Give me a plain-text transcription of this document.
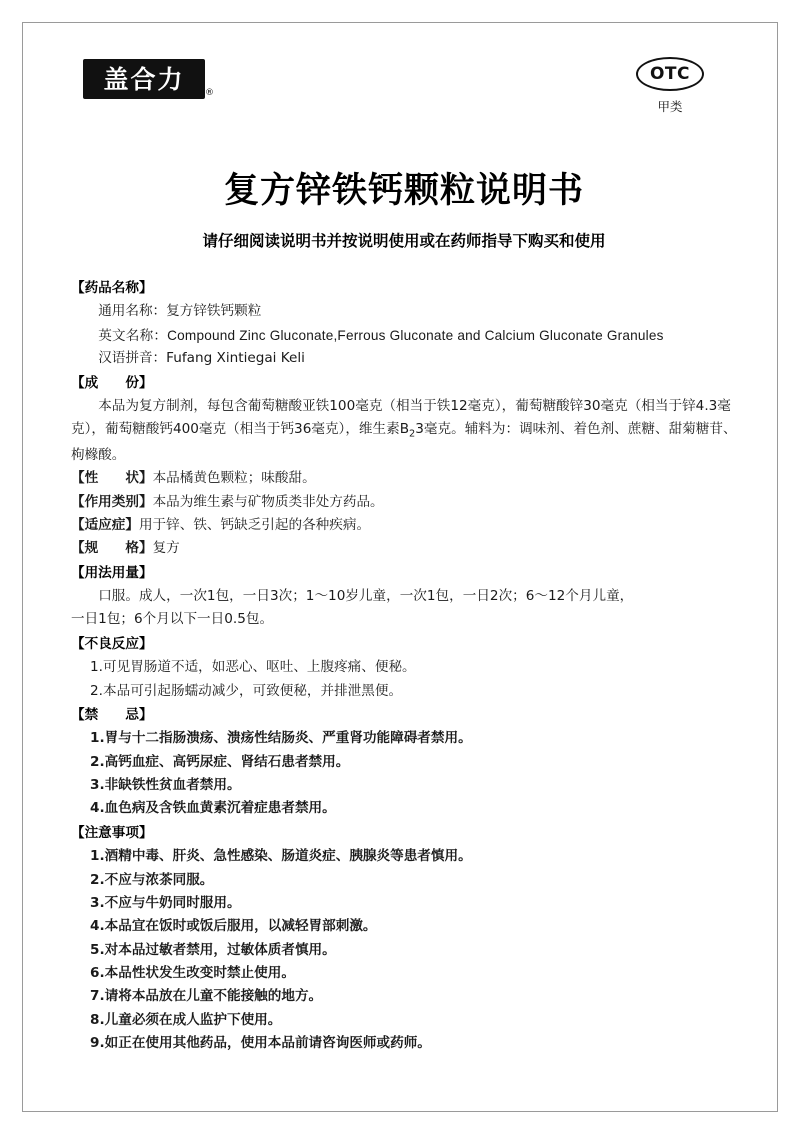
盖合力 ®
OTC
甲类
复方锌铁钙颗粒说明书
请仔细阅读说明书并按说明使用或在药师指导下购买和使用
【药品名称】
通用名称：复方锌铁钙颗粒
英文名称：Compound Zinc Gluconate,Ferrous Gluconate and Calcium Gluconate Granules
汉语拼音：Fufang Xintiegai Keli
【成　　份】
本品为复方制剂，每包含葡萄糖酸亚铁100毫克（相当于铁12毫克），葡萄糖酸锌30毫克（相当于锌4.3毫克），葡萄糖酸钙400毫克（相当于钙36毫克），维生素$B_23$毫克。辅料为：调味剂、着色剂、蔗糖、甜菊糖苷、枸橼酸。
【性　　状】本品橘黄色颗粒；味酸甜。
【作用类别】本品为维生素与矿物质类非处方药品。
【适应症】用于锌、铁、钙缺乏引起的各种疾病。
【规　　格】复方
【用法用量】
口服。成人，一次1包，一日3次；1～10岁儿童，一次1包，一日2次；6～12个月儿童，
一日1包；6个月以下一日0.5包。
【不良反应】
1.可见胃肠道不适，如恶心、呕吐、上腹疼痛、便秘。
2.本品可引起肠蠕动减少，可致便秘，并排泄黑便。
【禁　　忌】
1.胃与十二指肠溃疡、溃疡性结肠炎、严重肾功能障碍者禁用。
2.高钙血症、高钙尿症、肾结石患者禁用。
3.非缺铁性贫血者禁用。
4.血色病及含铁血黄素沉着症患者禁用。
【注意事项】
1.酒精中毒、肝炎、急性感染、肠道炎症、胰腺炎等患者慎用。
2.不应与浓茶同服。
3.不应与牛奶同时服用。
4.本品宜在饭时或饭后服用，以减轻胃部刺激。
5.对本品过敏者禁用，过敏体质者慎用。
6.本品性状发生改变时禁止使用。
7.请将本品放在儿童不能接触的地方。
8.儿童必须在成人监护下使用。
9.如正在使用其他药品，使用本品前请咨询医师或药师。
